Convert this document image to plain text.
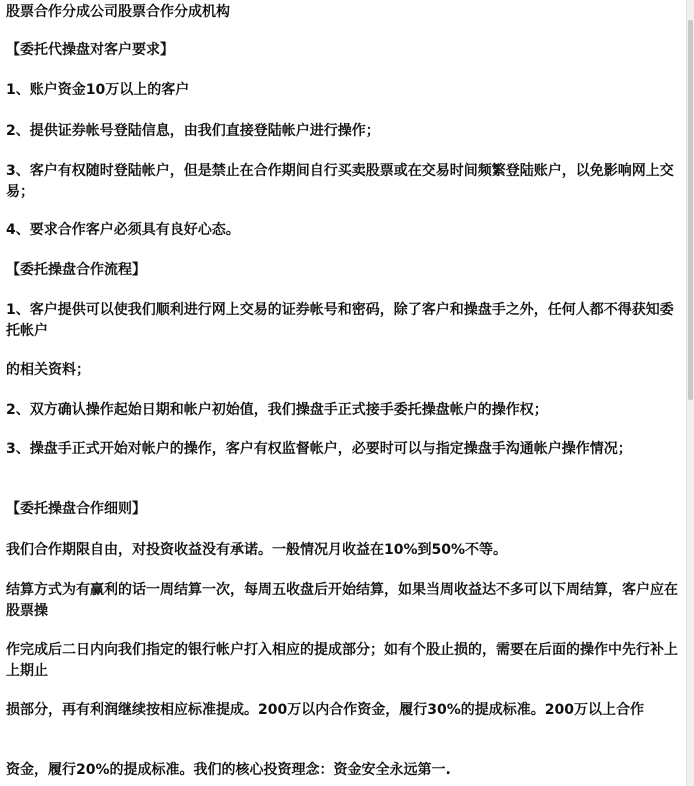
股票合作分成公司股票合作分成机构

【委托代操盘对客户要求】

1、账户资金10万以上的客户

2、提供证券帐号登陆信息，由我们直接登陆帐户进行操作；

3、客户有权随时登陆帐户，但是禁止在合作期间自行买卖股票或在交易时间频繁登陆账户，以免影响网上交易；

4、要求合作客户必须具有良好心态。

【委托操盘合作流程】

1、客户提供可以使我们顺利进行网上交易的证券帐号和密码，除了客户和操盘手之外，任何人都不得获知委托帐户

的相关资料；

2、双方确认操作起始日期和帐户初始值，我们操盘手正式接手委托操盘帐户的操作权；

3、操盘手正式开始对帐户的操作，客户有权监督帐户，必要时可以与指定操盘手沟通帐户操作情况；

【委托操盘合作细则】

我们合作期限自由，对投资收益没有承诺。一般情况月收益在10%到50%不等。

结算方式为有赢利的话一周结算一次，每周五收盘后开始结算，如果当周收益达不多可以下周结算，客户应在股票操

作完成后二日内向我们指定的银行帐户打入相应的提成部分；如有个股止损的，需要在后面的操作中先行补上上期止

损部分，再有利润继续按相应标准提成。200万以内合作资金，履行30%的提成标准。200万以上合作

资金，履行20%的提成标准。我们的核心投资理念：资金安全永远第一.
